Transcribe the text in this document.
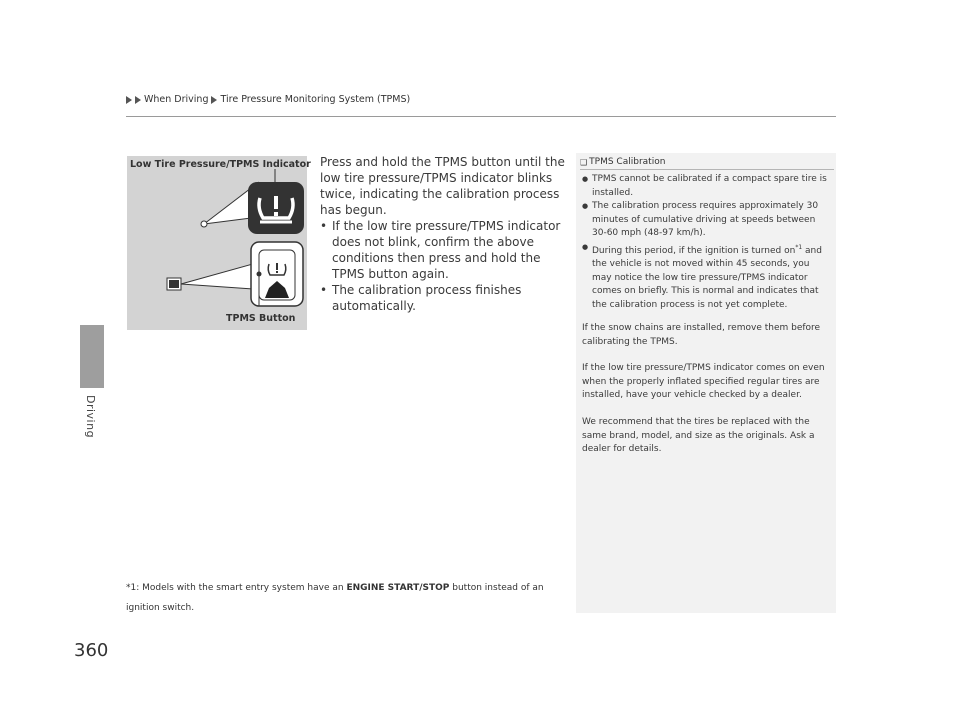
When Driving Tire Pressure Monitoring System (TPMS)
Driving
360
Low Tire Pressure/TPMS Indicator
TPMS Button

Press and hold the TPMS button until the low tire pressure/TPMS indicator blinks twice, indicating the calibration process has begun.

• If the low tire pressure/TPMS indicator does not blink, confirm the above conditions then press and hold the TPMS button again.
• The calibration process finishes automatically.
*1: Models with the smart entry system have an ENGINE START/STOP button instead of an ignition switch.
❑ TPMS Calibration
● TPMS cannot be calibrated if a compact spare tire is installed.
● The calibration process requires approximately 30 minutes of cumulative driving at speeds between 30-60 mph (48-97 km/h).
● During this period, if the ignition is turned $on^{*1}$ and the vehicle is not moved within 45 seconds, you may notice the low tire pressure/TPMS indicator comes on briefly. This is normal and indicates that the calibration process is not yet complete.

If the snow chains are installed, remove them before calibrating the TPMS.

If the low tire pressure/TPMS indicator comes on even when the properly inflated specified regular tires are installed, have your vehicle checked by a dealer.

We recommend that the tires be replaced with the same brand, model, and size as the originals. Ask a dealer for details.
